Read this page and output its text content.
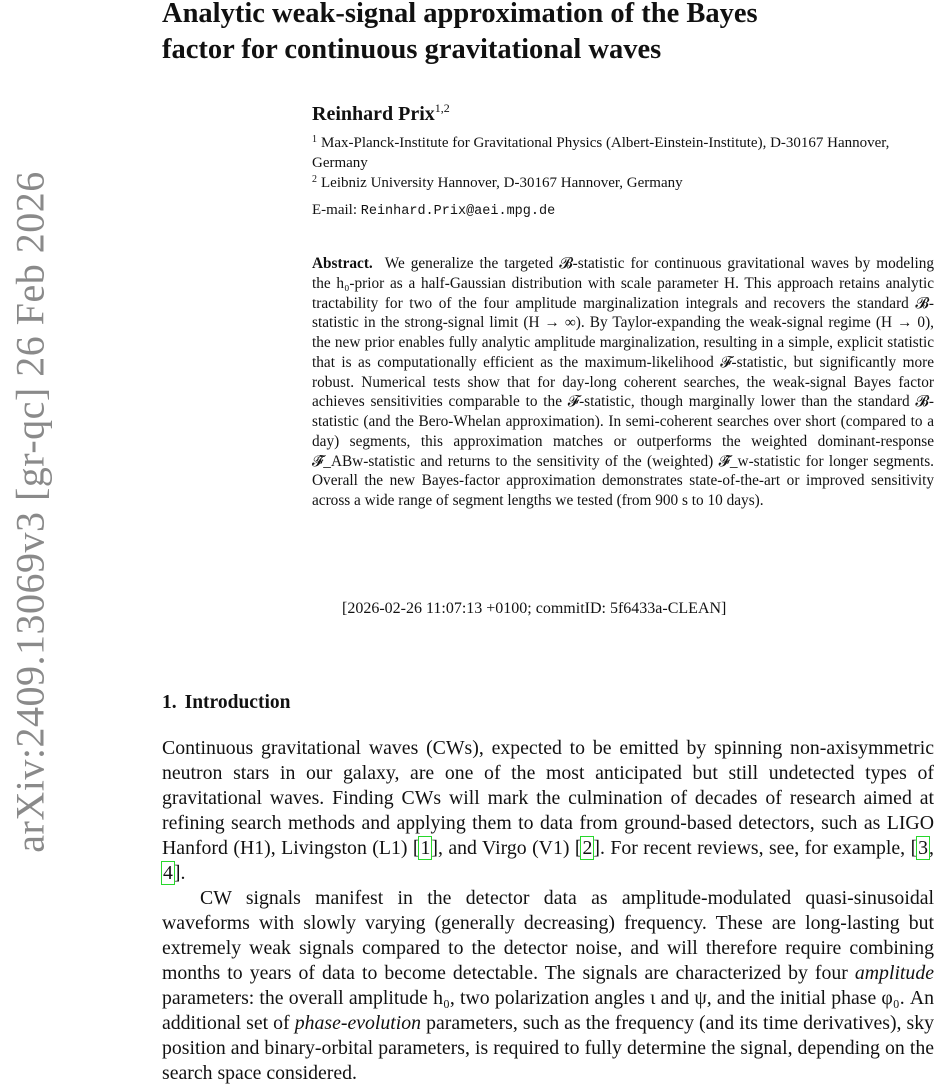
arXiv:2409.13069v3 [gr-qc] 26 Feb 2026
Analytic weak-signal approximation of the Bayes
factor for continuous gravitational waves
Reinhard Prix$^{1,2}$
$^1$ Max-Planck-Institute for Gravitational Physics (Albert-Einstein-Institute), D-30167 Hannover, Germany
$^2$ Leibniz University Hannover, D-30167 Hannover, Germany
E-mail: Reinhard.Prix@aei.mpg.de

Abstract. We generalize the targeted 𝓑-statistic for continuous gravitational waves by modeling the h₀-prior as a half-Gaussian distribution with scale parameter H. This approach retains analytic tractability for two of the four amplitude marginalization integrals and recovers the standard 𝓑-statistic in the strong-signal limit (H → ∞). By Taylor-expanding the weak-signal regime (H → 0), the new prior enables fully analytic amplitude marginalization, resulting in a simple, explicit statistic that is as computationally efficient as the maximum-likelihood 𝓕-statistic, but significantly more robust. Numerical tests show that for day-long coherent searches, the weak-signal Bayes factor achieves sensitivities comparable to the 𝓕-statistic, though marginally lower than the standard 𝓑-statistic (and the Bero-Whelan approximation). In semi-coherent searches over short (compared to a day) segments, this approximation matches or outperforms the weighted dominant-response 𝓕̂_ABw-statistic and returns to the sensitivity of the (weighted) 𝓕̂_w-statistic for longer segments. Overall the new Bayes-factor approximation demonstrates state-of-the-art or improved sensitivity across a wide range of segment lengths we tested (from 900 s to 10 days).

[2026-02-26 11:07:13 +0100; commitID: 5f6433a-CLEAN]
1. Introduction

Continuous gravitational waves (CWs), expected to be emitted by spinning non-axisymmetric neutron stars in our galaxy, are one of the most anticipated but still undetected types of gravitational waves. Finding CWs will mark the culmination of decades of research aimed at refining search methods and applying them to data from ground-based detectors, such as LIGO Hanford (H1), Livingston (L1) [1], and Virgo (V1) [2]. For recent reviews, see, for example, [3, 4].

CW signals manifest in the detector data as amplitude-modulated quasi-sinusoidal waveforms with slowly varying (generally decreasing) frequency. These are long-lasting but extremely weak signals compared to the detector noise, and will therefore require combining months to years of data to become detectable. The signals are characterized by four amplitude parameters: the overall amplitude h₀, two polarization angles ι and ψ, and the initial phase φ₀. An additional set of phase-evolution parameters, such as the frequency (and its time derivatives), sky position and binary-orbital parameters, is required to fully determine the signal, depending on the search space considered.
